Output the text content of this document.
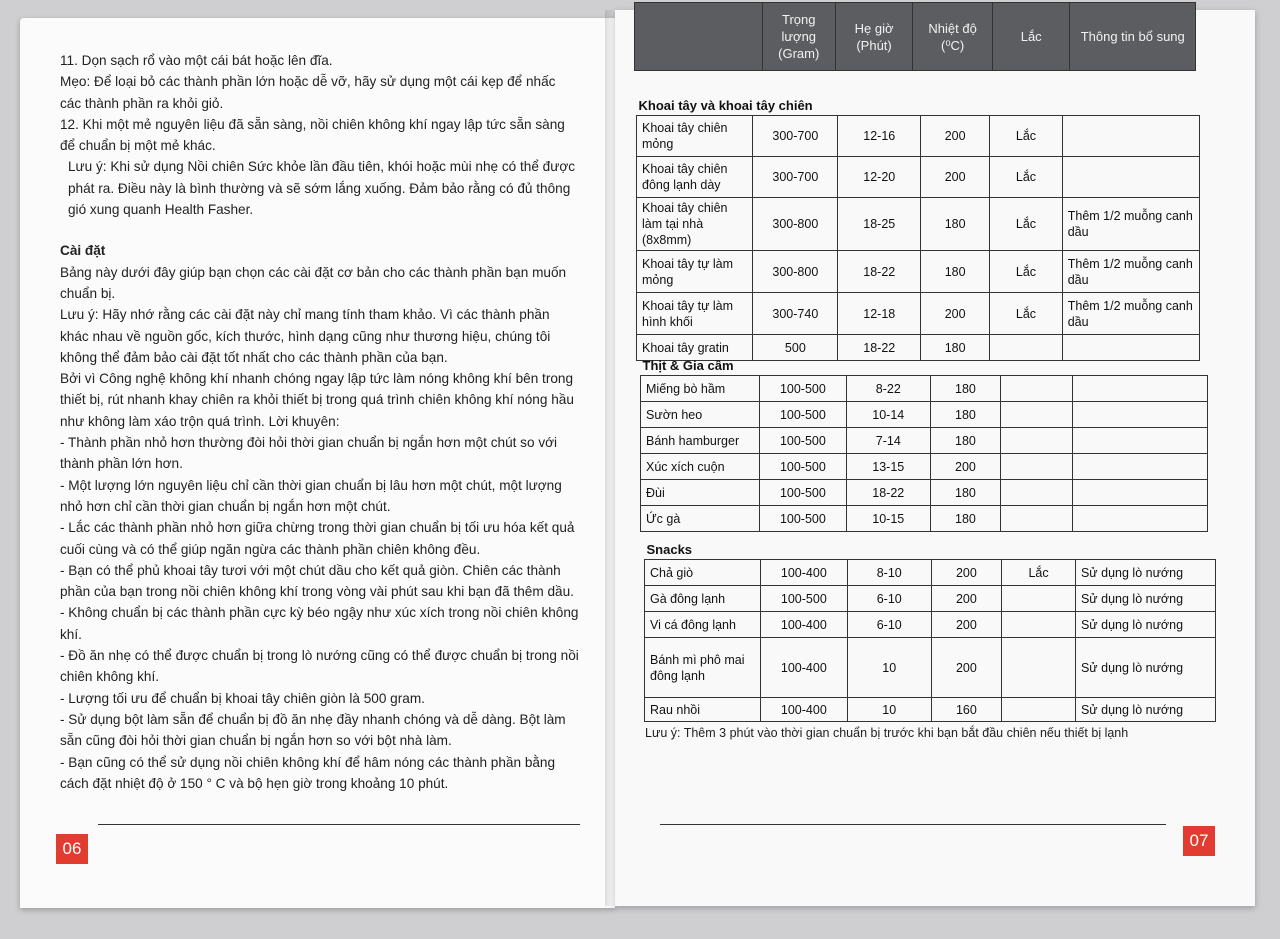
11. Dọn sạch rổ vào một cái bát hoặc lên đĩa.

Mẹo: Để loại bỏ các thành phần lớn hoặc dễ vỡ, hãy sử dụng một cái kẹp để nhấc các thành phần ra khỏi giỏ.

12. Khi một mẻ nguyên liệu đã sẵn sàng, nồi chiên không khí ngay lập tức sẵn sàng để chuẩn bị một mẻ khác.

Lưu ý: Khi sử dụng Nồi chiên Sức khỏe lần đầu tiên, khói hoặc mùi nhẹ có thể được phát ra. Điều này là bình thường và sẽ sớm lắng xuống. Đảm bảo rằng có đủ thông gió xung quanh Health Fasher.

Cài đặt

Bảng này dưới đây giúp bạn chọn các cài đặt cơ bản cho các thành phần bạn muốn chuẩn bị.

Lưu ý: Hãy nhớ rằng các cài đặt này chỉ mang tính tham khảo. Vì các thành phần khác nhau về nguồn gốc, kích thước, hình dạng cũng như thương hiệu, chúng tôi không thể đảm bảo cài đặt tốt nhất cho các thành phần của bạn.

Bởi vì Công nghệ không khí nhanh chóng ngay lập tức làm nóng không khí bên trong thiết bị, rút nhanh khay chiên ra khỏi thiết bị trong quá trình chiên không khí nóng hầu như không làm xáo trộn quá trình. Lời khuyên:

- Thành phần nhỏ hơn thường đòi hỏi thời gian chuẩn bị ngắn hơn một chút so với thành phần lớn hơn.

- Một lượng lớn nguyên liệu chỉ cần thời gian chuẩn bị lâu hơn một chút, một lượng nhỏ hơn chỉ cần thời gian chuẩn bị ngắn hơn một chút.

- Lắc các thành phần nhỏ hơn giữa chừng trong thời gian chuẩn bị tối ưu hóa kết quả cuối cùng và có thể giúp ngăn ngừa các thành phần chiên không đều.

- Bạn có thể phủ khoai tây tươi với một chút dầu cho kết quả giòn. Chiên các thành phần của bạn trong nồi chiên không khí trong vòng vài phút sau khi bạn đã thêm dầu.

- Không chuẩn bị các thành phần cực kỳ béo ngậy như xúc xích trong nồi chiên không khí.

- Đồ ăn nhẹ có thể được chuẩn bị trong lò nướng cũng có thể được chuẩn bị trong nồi chiên không khí.

- Lượng tối ưu để chuẩn bị khoai tây chiên giòn là 500 gram.

- Sử dụng bột làm sẵn để chuẩn bị đồ ăn nhẹ đầy nhanh chóng và dễ dàng. Bột làm sẵn cũng đòi hỏi thời gian chuẩn bị ngắn hơn so với bột nhà làm.

- Bạn cũng có thể sử dụng nồi chiên không khí để hâm nóng các thành phần bằng cách đặt nhiệt độ ở 150 ° C và bộ hẹn giờ trong khoảng 10 phút.

06
	Trọng lượng (Gram)	Hẹ giờ (Phút)	Nhiệt độ (⁰C)	Lắc	Thông tin bổ sung
Khoai tây và khoai tây chiên					
Khoai tây chiên mỏng	300-700	12-16	200	Lắc	
Khoai tây chiên đông lạnh dày	300-700	12-20	200	Lắc	
Khoai tây chiên làm tại nhà (8x8mm)	300-800	18-25	180	Lắc	Thêm 1/2 muỗng canh dầu
Khoai tây tự làm mỏng	300-800	18-22	180	Lắc	Thêm 1/2 muỗng canh dầu
Khoai tây tự làm hình khối	300-740	12-18	200	Lắc	Thêm 1/2 muỗng canh dầu
Khoai tây gratin	500	18-22	180		
Thịt & Gia cầm					
Miếng bò hầm	100-500	8-22	180		
Sườn heo	100-500	10-14	180		
Bánh hamburger	100-500	7-14	180		
Xúc xích cuộn	100-500	13-15	200		
Đùi	100-500	18-22	180		
Ức gà	100-500	10-15	180		
Snacks					
Chả giò	100-400	8-10	200	Lắc	Sử dụng lò nướng
Gà đông lạnh	100-500	6-10	200		Sử dụng lò nướng
Vi cá đông lạnh	100-400	6-10	200		Sử dụng lò nướng
Bánh mì phô mai đông lạnh	100-400	10	200		Sử dụng lò nướng
Rau nhồi	100-400	10	160		Sử dụng lò nướng
Lưu ý: Thêm 3 phút vào thời gian chuẩn bị trước khi bạn bắt đầu chiên nếu thiết bị lạnh
07
